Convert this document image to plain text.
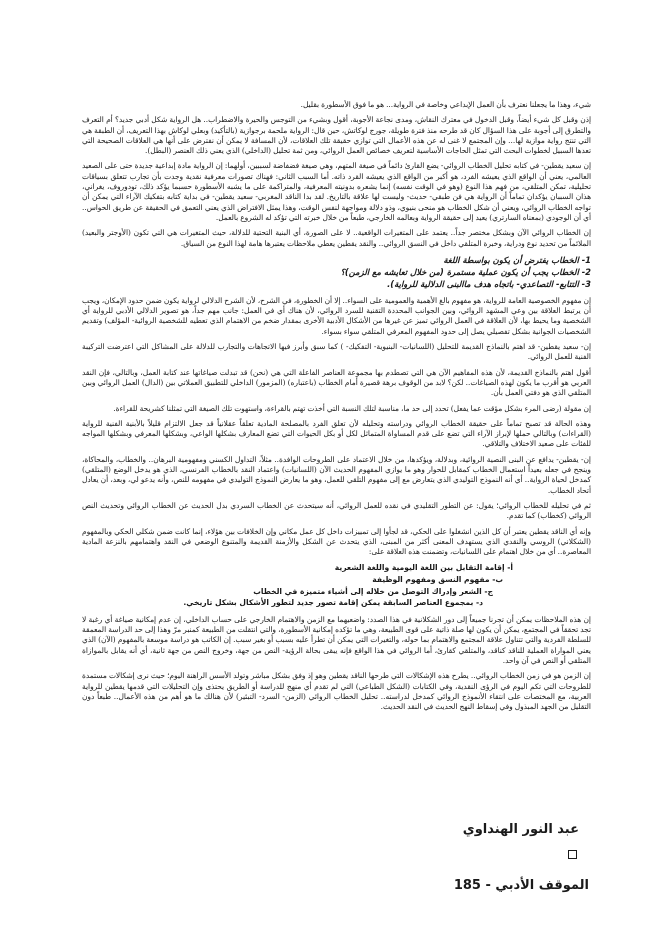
شيء، وهذا ما يجعلنا نعترف بأن العمل الإبداعي وخاصة في الرواية... هو ما فوق الأسطورة بقليل.

إذن وقبل كل شيء أيضاً، وقبل الدخول في معترك النقاش، ومدى نجاعة الأجوبة، أقول وبشيء من التوجس والحيرة والاضطراب.. هل الرواية شكل أدبي جديد؟ أم التعرف والتطرق إلى أجوبة على هذا السؤال كان قد طرحه منذ فترة طويلة، جورج لوكاتش، حين قال: الرواية ملحمة برجوازية (بالتأكيد) وبعلي لوكاش بهذا التعريف، أن الطبقة هي التي تنتج رواية موازية لها... وإن المجتمع لا غنى له عن هذه الأعمال التي توازي حقيقة تلك العلاقات، لأن المسافة لا يمكن أن نفترض على أنها هي العلاقات الصحيحة التي تعدها السبيل لخطوات البحث التي تمثل الحاجات الأساسية لتعريف خصائص العمل الروائي، ومن ثمة تحليل (الداخلي) الذي يعني ذلك العنصر (البطل).

إن سعيد يقطين- في كتابه تحليل الخطاب الروائي- يضع القارئ دائماً في صيغة المتهم، وهي صيغة فضفاضة لسببين، أولهما: إن الرواية مادة إبداعية جديدة حتى على الصعيد العالمي، يعني أن الواقع الذي يعيشه الفرد، هو أكبر من الواقع الذي يعيشه القرد ذاته. أما السبب الثاني: فهناك تصورات معرفية نقدية وجدت بأن تجارب تتعلق بسياقات تحليلية، تمكن المتلقي، من فهم هذا النوع (وهو في الوقت نفسه) إنما يشعره بدونيته المعرفية، والمتراكمة على ما يشبه الأسطورة حسبما يؤكد ذلك، تودوروف، يغراني، هذان السببان يؤكدان تماماً أن الرواية هي فن طبقي- حديث- وليست لها علاقة بالتاريخ. لقد بدا الناقد المغربي- سعيد يقطين- في بداية كتابه بتفكيك الآراء التي يمكن أن تواجه الخطاب الروائي، ويعني أن شكل الخطاب هو منحى بنيوي، وذو دلالة ومواجهة لنفس الوقت، وهذا يمثل الافتراض الذي يعني التعمق في الحقيقة عن طريق الحواس.. أي أن الوجودي (بمعناه السارتري) يعيد إلى حقيقة الرواية وبعالمه الخارجي، طبعاً من خلال خبرته التي تؤكد له الشروع بالعمل.

إن الخطاب الروائي الآن وبشكل مختصر جداً.. يعتمد على المتغيرات الواقعية.. لا على الصورة، أي البنية التحتية للدلالة، حيث المتغيرات هي التي تكون (الأوجتر والبعيد) الملائماً من تحديد نوع ودراية، وخبرة المتلقي داخل في النسق الروائي.. والنقد يقطين يعطي ملاحظات يعتبرها هامة لهذا النوع من السياق.

1- الخطاب يفترض أن يكون بواسطة اللغة

2- الخطاب يجب أن يكون عملية مستمرة (من خلال تعايشه مع الزمن)؟

3- التتابع- التصاعدي- باتجاه هدف ماالبنى الدلالية للرواية).

إن مفهوم الخصوصية العامة للرواية، هو مفهوم بالغ الأهمية والعمومية على السواء.. إلا أن الخطورة، في الشرح، لأن الشرح الدلالي لرواية يكون ضمن حدود الإمكان، ويجب أن يرتبط العلاقة بين وعي المشهد الروائي، وبين الجوانب المحددة التقنية للسرد الروائي، لأن هناك أي في العمل: جانب مهم جداً، هو تصوير الدلالي الأدبي للرواية أي الشخصية وما يحيط بها، لأن العلاقة في العمل الروائي تميز عن غيرها من الأشكال الأدبية الأخرى بمقدار ضخم من الاهتمام الذي تعطيه للشخصية الروائية- المؤلف) وتقديم الشخصيات الجوانية بشكل تفصيلي يصل إلى حدود المفهوم المعرفي المتلقي سواء بسواء.

إن- سعيد يقطين- قد اهتم بالنماذج القديمة للتحليل (اللسانيات- البنيوية- التفكيك- ) كما سبق وأبرز فيها الاتجاهات والتجارب للدلالة على المشاكل التي اعترضت التركيبة الفنية للعمل الروائي.

أقول اهتم بالنماذج القديمة، لأن هذه المفاهيم الآن هي التي تصطدم بها مجموعة العناصر الفاعلة التي هي (نحن) قد تبدلت صياغاتها عند كتابة العمل، وبالتالي، فإن النقد العربي هو أقرب ما يكون لهذه الصياغات.. لكن؟ لابد من الوقوف برهة قصيرة أمام الخطاب (باعتباره) (المزمور) الداخلي للتطبيق العملاتي بين (الدال) العمل الروائي وبين المتلقي الذي هو دفتي العمل بأن.

إن مقولة (رضى المرء بشكل مؤقت عما يفعل) تحدد إلى حد ما، مناسبة لتلك النسبة التي أخذت تهتم بالقراءة، واستهوت تلك الصيغة التي تمثلنا كشريحة للقراءة.

وهذه الحالة قد تصبح تماماً على حقيقة الخطاب الروائي ودراسته وتحليله لأن تعلق الفرد بالمصلحة المادية تعلقاً عقلانياً قد جعل الالتزام قليلاً بالأبنية الفنية للرواية (القراءات) وبالتالي حملها لإبراز الآراء التي تضع على قدم المساواة المتماثل لكل أو بكل الحيوات التي تضع المعارف بشكلها الواعي، وبشكلها المعرفي وبشكلها المواجه للفئات على صعيد الاختلاف والتلاقي.

إن- يقطين- يدافع عن البنى النصية الروائية، وبدلالة، ويؤكدها، من خلال الاعتماد على الطروحات الوافدة.. مثلاً، التداول الكسني ومفهومية البرهان.. والخطاب، والمحاكاة، وينجح في جعله بعيداً استعمال الخطاب كمقابل للحوار وهو ما يوازي المفهوم الحديث الآن (اللسانيات) واعتماد النقد بالخطاب الفرنسي، الذي هو يدخل الوضع (المتلقي) كمدخل لحياة الرواية.. أي أنه النموذج التوليدي الذي يتعارض مع إلى مفهوم التلقي للعمل، وهو ما يعارض النموذج التوليدي في مفهومه للنص، وأنه يدعو لي، وبعد، أن يعادل أتحاد الخطاب.

ثم في تحليله للخطاب الروائي؛ يقول: عن التطور التقليدي في نقده للعمل الروائي، أنه سيتحدث عن الخطاب السردي بدل الحديث عن الخطاب الروائي وتحديث النص الروائي (كخطاب) كما تقدم.

وإنه أي الناقد يقطين يعتبر أن كل الذين انشغلوا على الحكي، قد لجأوا إلى تمييزات داخل كل عمل مكاني وإن الخلافات بين هؤلاء، إنما كانت ضمن شكلي الحكي وبالمفهوم (الشكلاني) الروسي والنقدي الذي يستهدف المعنى أكثر من المبنى، الذي يتحدث عن الشكل والأزمنة القديمة والمتنوع الوضعي في النقد واهتمامهم بالنزعة المادية المعاصرة.. أي من خلال اهتمام على اللسانيات، وتضمنت هذه العلاقة على:

أ- إقامة التقابل بين اللغة اليومية واللغة الشعرية

ب- مفهوم النسق ومفهوم الوظيفة

ج- الشعر وإدراك التوصل من خلاله إلى أشياء متميزة في الخطاب

د- بمجموع العناصر السابقة يمكن إقامة تصور جديد لتطور الأشكال بشكل تاريخي.

إن هذه الملاحظات يمكن أن تجرنا جميعاً إلى دور الشكلانية في هذا الصدد: واضعيهما مع الزمن والاهتمام الخارجي على حساب الداخلي، إن عدم إمكانية صياغة أي رغبة لا تجد تحققاً في المجتمع، يمكن أن يكون لها صلة ذاتية على قوى الطبيعة، وهي ما تؤكده إمكانية الأسطورة، والتي انتقلت من الطبيعة كمنبر مرّ وهذا إلى حد الدراسة المعمقة للسلطة الفردية والتي تتناول علاقة المجتمع والاهتمام بما حوله، والتغيرات التي يمكن أن تطرأ عليه بسبب أو بغير سبب. إن الكاتب هو دراسة موسعة بالمفهوم (الآن) الذي يعني المواراة العملية للناقد كناقد، والمتلقي كقارئ، أما الروائي في هذا الواقع فإنه يبقى بحالة الرؤية- النص من جهة، وخروج النص من جهة ثانية، أي أنه يقابل بالموازاة المتلقي أو النص في آن واحد.

إن الزمن هو في زمن الخطاب الروائي.. يطرح هذه الإشكالات التي طرحها الناقد يقطين وهو إذ وفق بشكل مباشر وتولد الأسس الراهنة اليوم؛ حيث نرى إشكالات مستمدة للطروحات التي تكم اليوم في الرؤى النقدية، وفي الكتابات (الشكل الطباعي) التي لم تقدم أي منهج للدراسة أو الطريق يحتذى وإن التحليلات التي قدمها يقطين للرواية العربية، مع المختصات على انتقاء الأنموذج الروائي كمدخل لدراسته.. تحليل الخطاب الروائي (الزمن- السرد- التبئير) لأن هنالك ما هو أهم من هذه الأعمال.. طبعاً دون التقليل من الجهد المبذول وفي إسقاط النهج الحديث في النقد الحديث.

عبد النور الهنداوي
الموقف الأدبي - 185
